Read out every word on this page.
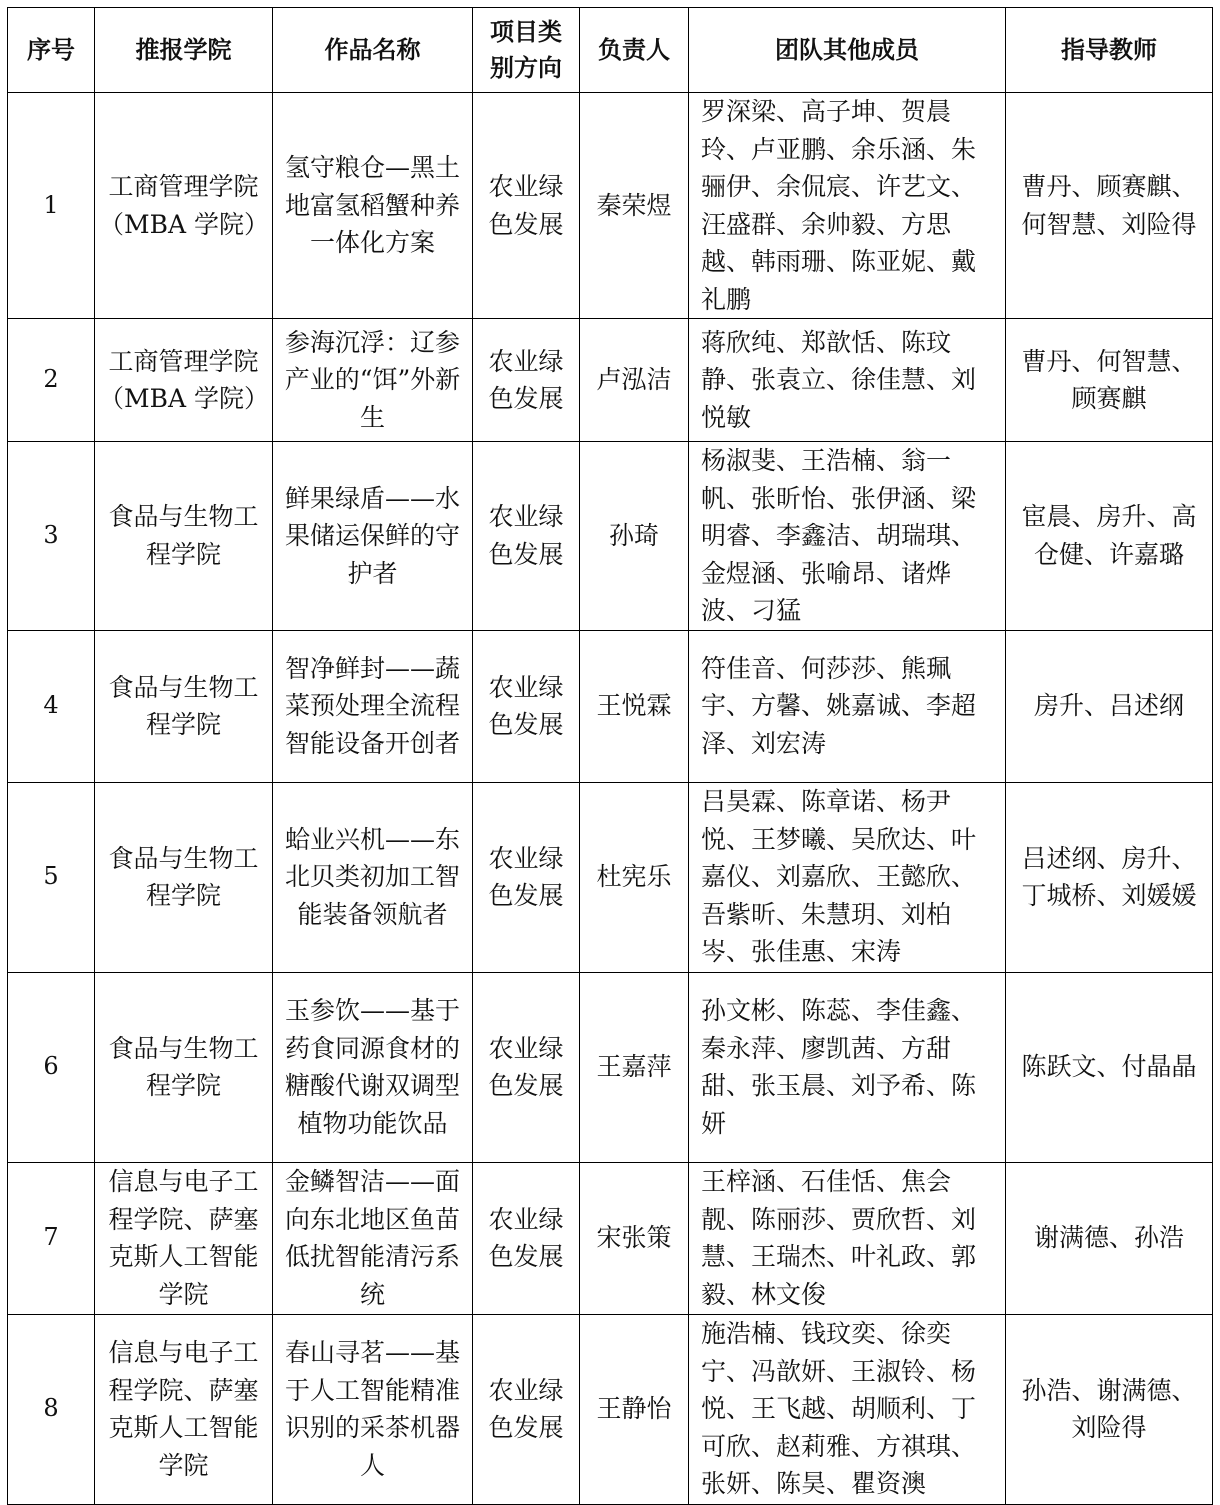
序号	推报学院	作品名称	项目类别方向	负责人	团队其他成员	指导教师
1	工商管理学院（MBA 学院）	氢守粮仓—黑土地富氢稻蟹种养一体化方案	农业绿色发展	秦荣煜	罗深梁、高子坤、贺晨玲、卢亚鹏、余乐涵、朱骊伊、余侃宸、许艺文、汪盛群、余帅毅、方思越、韩雨珊、陈亚妮、戴礼鹏	曹丹、顾赛麒、何智慧、刘险得
2	工商管理学院（MBA 学院）	参海沉浮：辽参产业的“饵”外新生	农业绿色发展	卢泓洁	蒋欣纯、郑歆恬、陈玟静、张袁立、徐佳慧、刘悦敏	曹丹、何智慧、顾赛麒
3	食品与生物工程学院	鲜果绿盾——水果储运保鲜的守护者	农业绿色发展	孙琦	杨淑斐、王浩楠、翁一帆、张昕怡、张伊涵、梁明睿、李鑫洁、胡瑞琪、金煜涵、张喻昂、诸烨波、刁猛	宦晨、房升、高仓健、许嘉璐
4	食品与生物工程学院	智净鲜封——蔬菜预处理全流程智能设备开创者	农业绿色发展	王悦霖	符佳音、何莎莎、熊珮宇、方馨、姚嘉诚、李超泽、刘宏涛	房升、吕述纲
5	食品与生物工程学院	蛤业兴机——东北贝类初加工智能装备领航者	农业绿色发展	杜宪乐	吕昊霖、陈章诺、杨尹悦、王梦曦、吴欣达、叶嘉仪、刘嘉欣、王懿欣、吾紫昕、朱慧玥、刘柏岑、张佳惠、宋涛	吕述纲、房升、丁城桥、刘媛媛
6	食品与生物工程学院	玉参饮——基于药食同源食材的糖酸代谢双调型植物功能饮品	农业绿色发展	王嘉萍	孙文彬、陈蕊、李佳鑫、秦永萍、廖凯茜、方甜甜、张玉晨、刘予希、陈妍	陈跃文、付晶晶
7	信息与电子工程学院、萨塞克斯人工智能学院	金鳞智洁——面向东北地区鱼苗低扰智能清污系统	农业绿色发展	宋张策	王梓涵、石佳恬、焦会靓、陈丽莎、贾欣哲、刘慧、王瑞杰、叶礼政、郭毅、林文俊	谢满德、孙浩
8	信息与电子工程学院、萨塞克斯人工智能学院	春山寻茗——基于人工智能精准识别的采茶机器人	农业绿色发展	王静怡	施浩楠、钱玟奕、徐奕宁、冯歆妍、王淑铃、杨悦、王飞越、胡顺利、丁可欣、赵莉雅、方祺琪、张妍、陈昊、瞿资澳	孙浩、谢满德、刘险得
